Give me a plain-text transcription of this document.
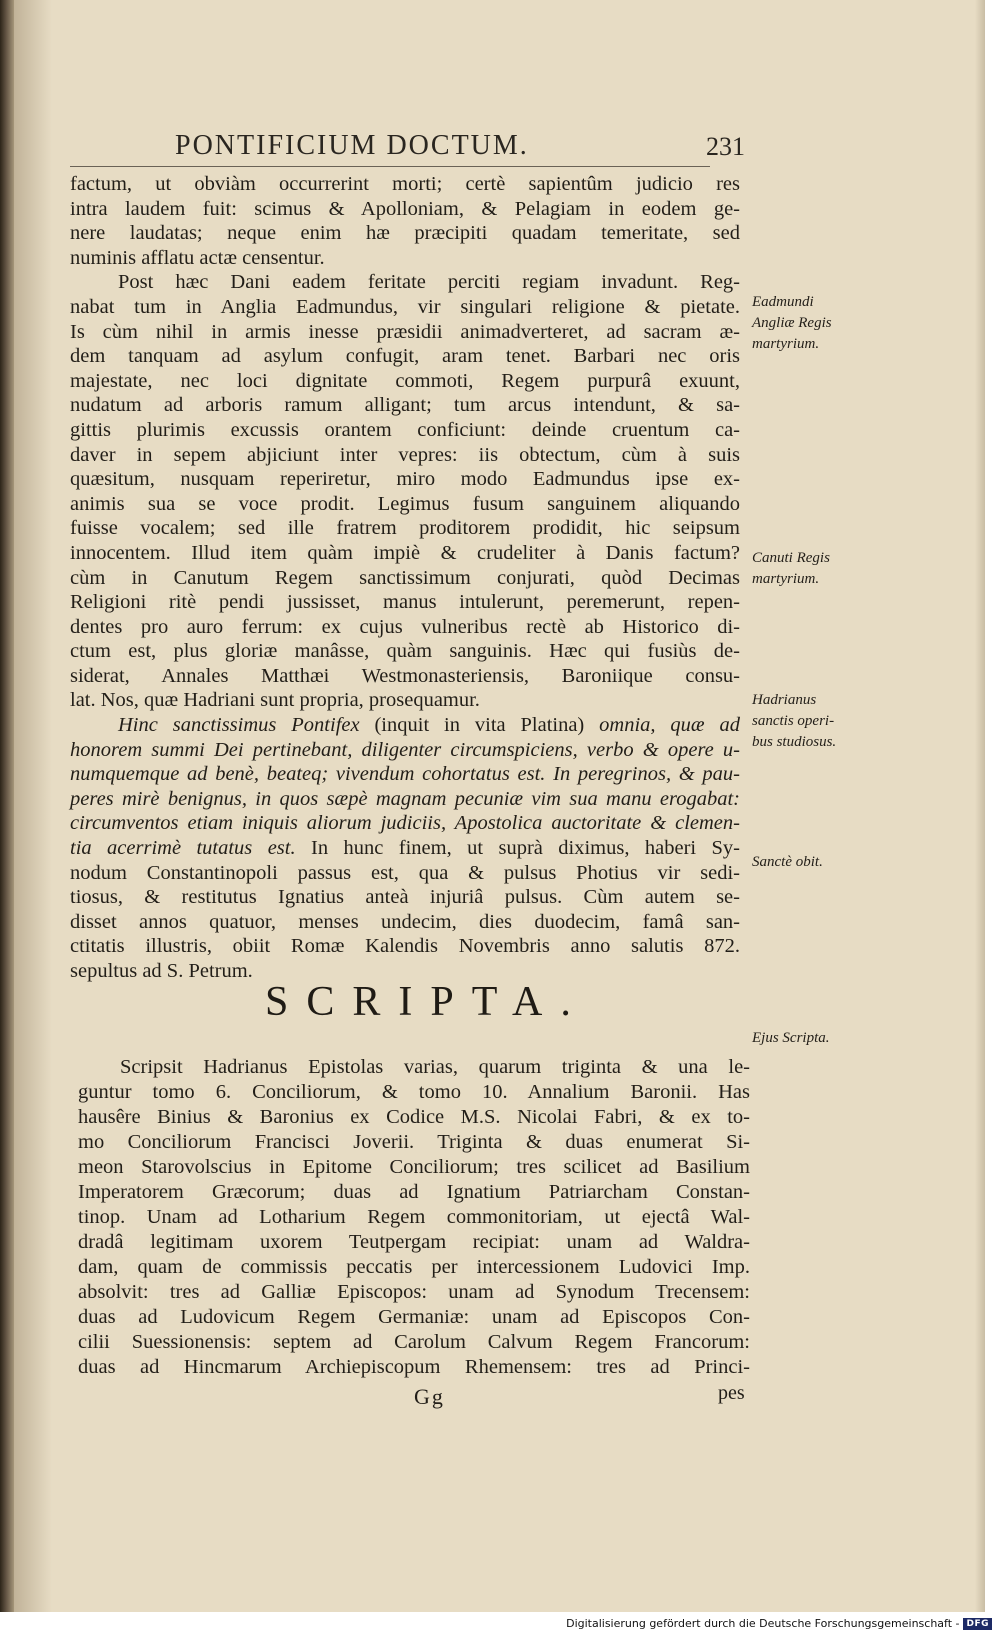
PONTIFICIUM DOCTUM.	231
factum, ut obviàm occurrerint morti; certè sapientûm judicio res
intra laudem fuit: scimus & Apolloniam, & Pelagiam in eodem ge-
nere laudatas; neque enim hæ præcipiti quadam temeritate, sed
numinis afflatu actæ censentur.
Post hæc Dani eadem feritate perciti regiam invadunt. Reg-
nabat tum in Anglia Eadmundus, vir singulari religione & pietate.
Is cùm nihil in armis inesse præsidii animadverteret, ad sacram æ-
dem tanquam ad asylum confugit, aram tenet. Barbari nec oris
majestate, nec loci dignitate commoti, Regem purpurâ exuunt,
nudatum ad arboris ramum alligant; tum arcus intendunt, & sa-
gittis plurimis excussis orantem conficiunt: deinde cruentum ca-
daver in sepem abjiciunt inter vepres: iis obtectum, cùm à suis
quæsitum, nusquam reperiretur, miro modo Eadmundus ipse ex-
animis sua se voce prodit. Legimus fusum sanguinem aliquando
fuisse vocalem; sed ille fratrem proditorem prodidit, hic seipsum
innocentem. Illud item quàm impiè & crudeliter à Danis factum?
cùm in Canutum Regem sanctissimum conjurati, quòd Decimas
Religioni ritè pendi jussisset, manus intulerunt, peremerunt, repen-
dentes pro auro ferrum: ex cujus vulneribus rectè ab Historico di-
ctum est, plus gloriæ manâsse, quàm sanguinis. Hæc qui fusiùs de-
siderat, Annales Matthæi Westmonasteriensis, Baroniique consu-
lat. Nos, quæ Hadriani sunt propria, prosequamur.
Hinc sanctissimus Pontifex (inquit in vita Platina) omnia, quæ ad
honorem summi Dei pertinebant, diligenter circumspiciens, verbo & opere u-
numquemque ad benè, beateq; vivendum cohortatus est. In peregrinos, & pau-
peres mirè benignus, in quos sæpè magnam pecuniæ vim sua manu erogabat:
circumventos etiam iniquis aliorum judiciis, Apostolica auctoritate & clemen-
tia acerrimè tutatus est. In hunc finem, ut suprà diximus, haberi Sy-
nodum Constantinopoli passus est, qua & pulsus Photius vir sedi-
tiosus, & restitutus Ignatius anteà injuriâ pulsus. Cùm autem se-
disset annos quatuor, menses undecim, dies duodecim, famâ san-
ctitatis illustris, obiit Romæ Kalendis Novembris anno salutis 872.
sepultus ad S. Petrum.
Eadmundi
Angliæ Regis
martyrium.
Canuti Regis
martyrium.
Hadrianus
sanctis operi-
bus studiosus.
Sanctè obit.
Ejus Scripta.
SCRIPTA.
Scripsit Hadrianus Epistolas varias, quarum triginta & una le-
guntur tomo 6. Conciliorum, & tomo 10. Annalium Baronii. Has
hausêre Binius & Baronius ex Codice M.S. Nicolai Fabri, & ex to-
mo Conciliorum Francisci Joverii. Triginta & duas enumerat Si-
meon Starovolscius in Epitome Conciliorum; tres scilicet ad Basilium
Imperatorem Græcorum; duas ad Ignatium Patriarcham Constan-
tinop. Unam ad Lotharium Regem commonitoriam, ut ejectâ Wal-
dradâ legitimam uxorem Teutpergam recipiat: unam ad Waldra-
dam, quam de commissis peccatis per intercessionem Ludovici Imp.
absolvit: tres ad Galliæ Episcopos: unam ad Synodum Trecensem:
duas ad Ludovicum Regem Germaniæ: unam ad Episcopos Con-
cilii Suessionensis: septem ad Carolum Calvum Regem Francorum:
duas ad Hincmarum Archiepiscopum Rhemensem: tres ad Princi-
Gg	pes
Digitalisierung gefördert durch die Deutsche Forschungsgemeinschaft - DFG
